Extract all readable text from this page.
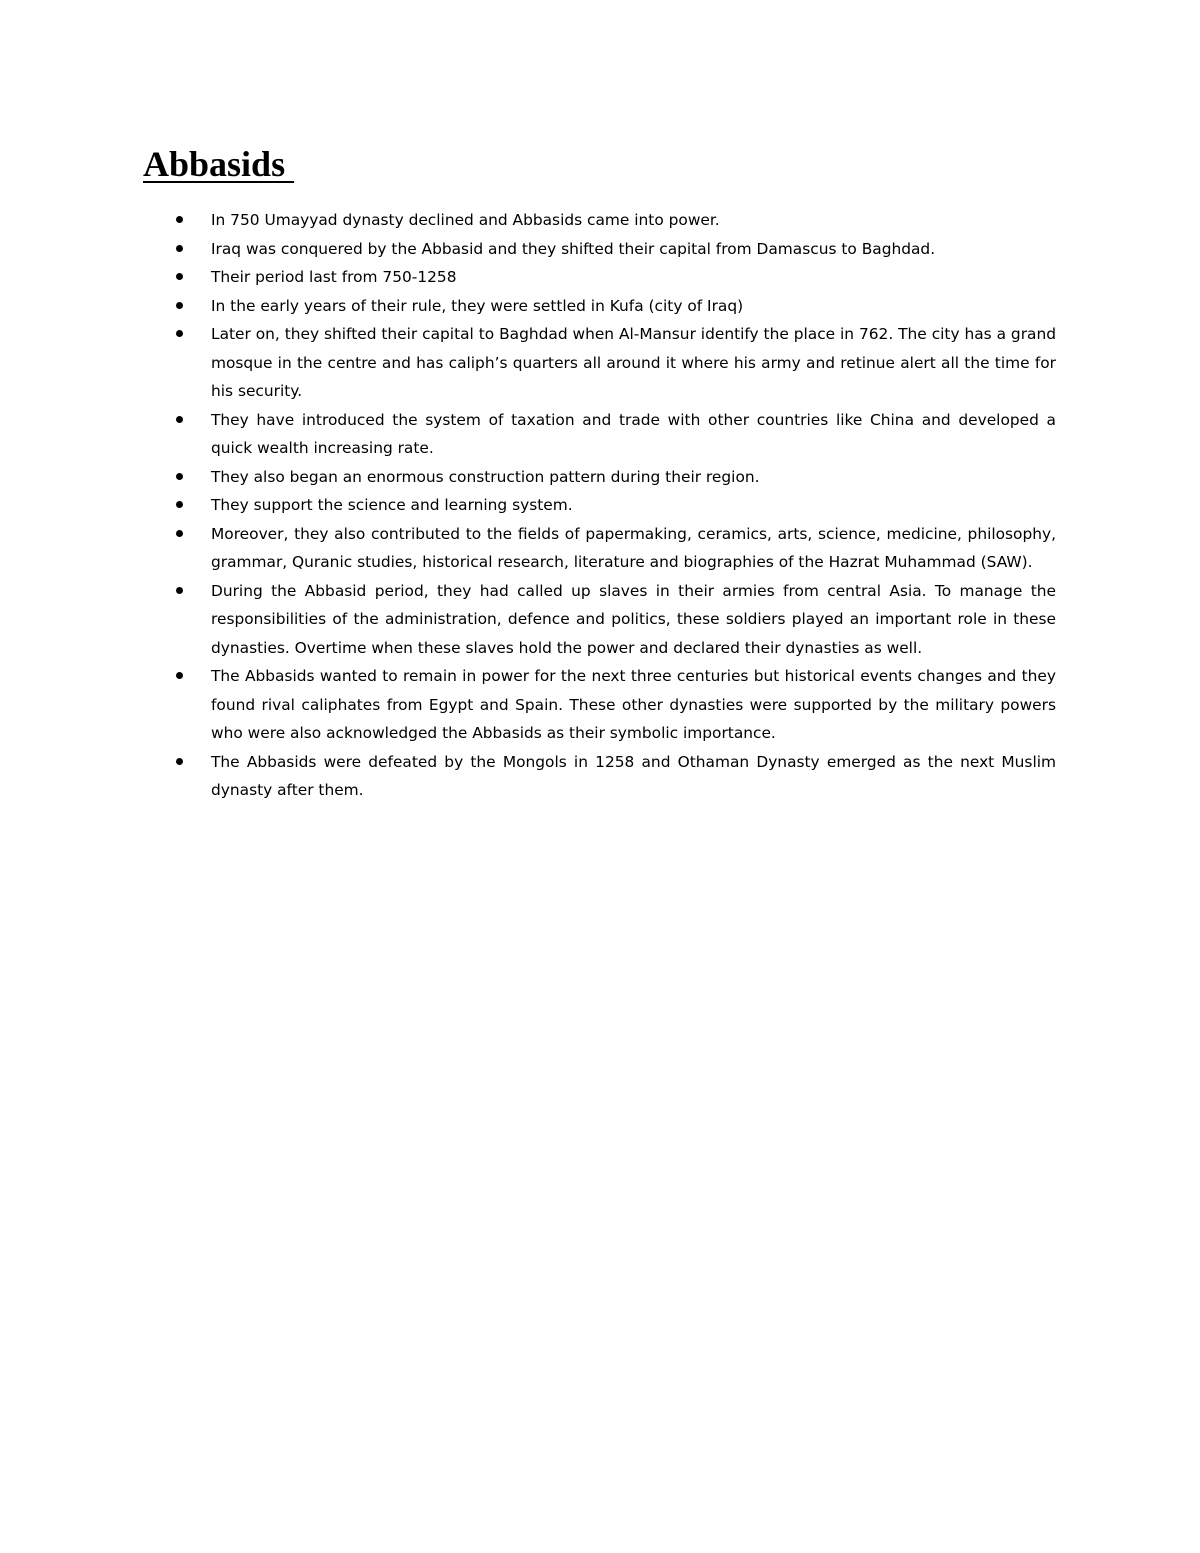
Abbasids
In 750 Umayyad dynasty declined and Abbasids came into power.
Iraq was conquered by the Abbasid and they shifted their capital from Damascus to Baghdad.
Their period last from 750-1258
In the early years of their rule, they were settled in Kufa (city of Iraq)
Later on, they shifted their capital to Baghdad when Al-Mansur identify the place in 762. The city has a grand mosque in the centre and has caliph’s quarters all around it where his army and retinue alert all the time for his security.
They have introduced the system of taxation and trade with other countries like China and developed a quick wealth increasing rate.
They also began an enormous construction pattern during their region.
They support the science and learning system.
Moreover, they also contributed to the fields of papermaking, ceramics, arts, science, medicine, philosophy, grammar, Quranic studies, historical research, literature and biographies of the Hazrat Muhammad (SAW).
During the Abbasid period, they had called up slaves in their armies from central Asia. To manage the responsibilities of the administration, defence and politics, these soldiers played an important role in these dynasties. Overtime when these slaves hold the power and declared their dynasties as well.
The Abbasids wanted to remain in power for the next three centuries but historical events changes and they found rival caliphates from Egypt and Spain. These other dynasties were supported by the military powers who were also acknowledged the Abbasids as their symbolic importance.
The Abbasids were defeated by the Mongols in 1258 and Othaman Dynasty emerged as the next Muslim dynasty after them.
